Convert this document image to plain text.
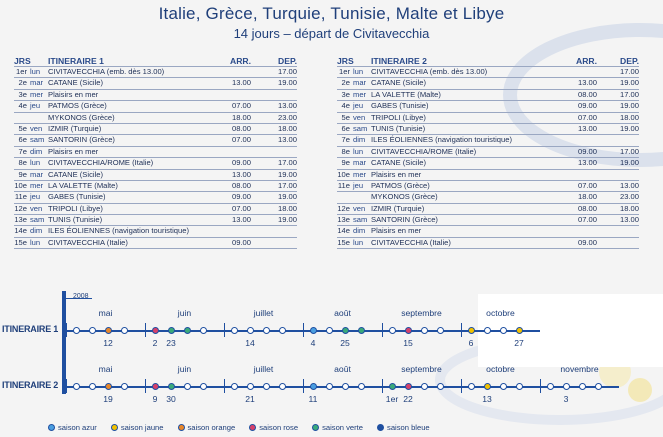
Italie, Grèce, Turquie, Tunisie, Malte et Libye
14 jours – départ de Civitavecchia
JRS ITINERAIRE 1	ARR.	DEP.
1er lun	CIVITAVECCHIA (emb. dès 13.00)	17.00
2e mar CATANE (Sicile)	13.00	19.00
3e mer Plaisirs en mer
4e jeu	PATMOS (Grèce)	07.00	13.00
MYKONOS (Grèce)	18.00	23.00
5e ven IZMIR (Turquie)	08.00	18.00
6e sam SANTORIN (Grèce)	07.00	13.00
7e dim Plaisirs en mer
8e lun	CIVITAVECCHIA/ROME (Italie)	09.00	17.00
9e mar CATANE (Sicile)	13.00	19.00
10e mer LA VALETTE (Malte)	08.00	17.00
11e jeu	GABES (Tunisie)	09.00	19.00
12e ven TRIPOLI (Libye)	07.00	18.00
13e sam TUNIS (Tunisie)	13.00	19.00
14e dim ILES ÉOLIENNES (navigation touristique)
15e lun	CIVITAVECCHIA (Italie)	09.00
JRS ITINERAIRE 2	ARR.	DEP.
1er lun	CIVITAVECCHIA (emb. dès 13.00)	17.00
2e mar CATANE (Sicile)	13.00	19.00
3e mer LA VALETTE (Malte)	08.00	17.00
4e jeu	GABES (Tunisie)	09.00	19.00
5e ven TRIPOLI (Libye)	07.00	18.00
6e sam TUNIS (Tunisie)	13.00	19.00
7e dim ILES ÉOLIENNES (navigation touristique)
8e lun	CIVITAVECCHIA/ROME (Italie)	09.00	17.00
9e mar CATANE (Sicile)	13.00	19.00
10e mer Plaisirs en mer
11e jeu	PATMOS (Grèce)	07.00	13.00
MYKONOS (Grèce)	18.00	23.00
12e ven IZMIR (Turquie)	08.00	18.00
13e sam SANTORIN (Grèce)	07.00	13.00
14e dim Plaisirs en mer
15e lun	CIVITAVECCHIA (Italie)	09.00
2008
ITINERAIRE 1
mai
12
juin
2 23
juillet
14
août
4	25
septembre
15
octobre
6	27
ITINERAIRE 2
mai
19
juin
9 30
juillet
21
août
11
septembre
1er 22
octobre
13
novembre
3
saison azur	saison jaune	saison orange	saison rose	saison verte	saison bleue
